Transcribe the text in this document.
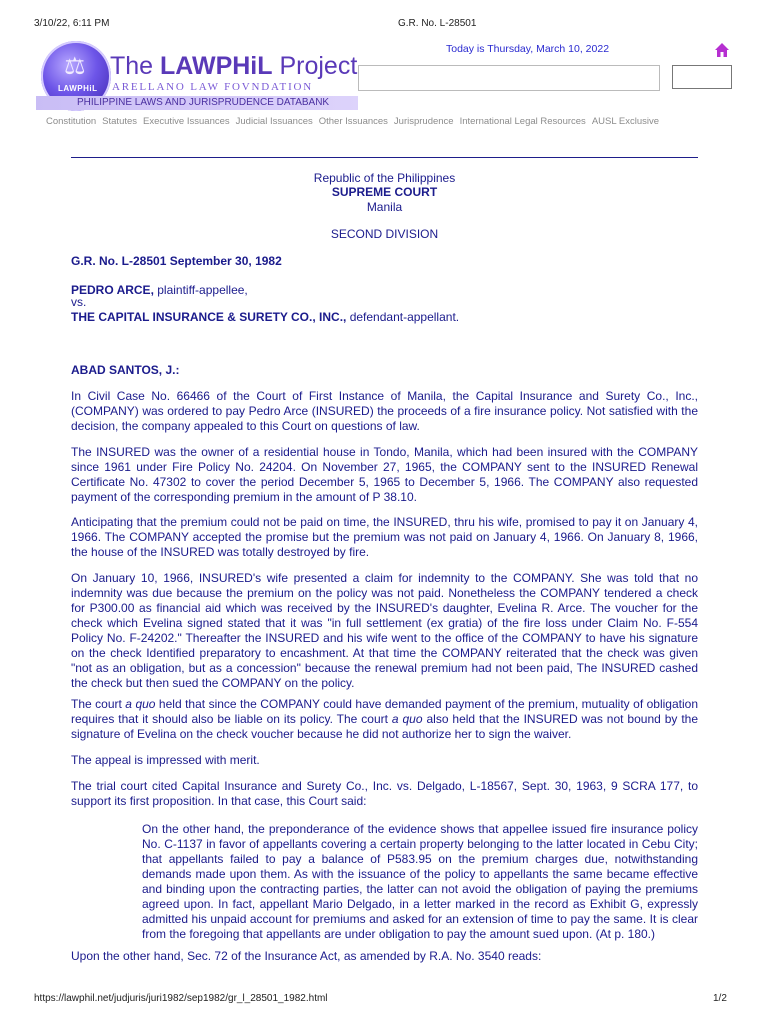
3/10/22, 6:11 PM	G.R. No. L-28501
⚖
LAWPHiL
The LAWPHiL Project
ARELLANO LAW FOVNDATION
PHILIPPINE LAWS AND JURISPRUDENCE DATABANK
Today is Thursday, March 10, 2022
Constitution Statutes Executive Issuances Judicial Issuances Other Issuances Jurisprudence International Legal Resources AUSL Exclusive
Republic of the Philippines
SUPREME COURT
Manila
SECOND DIVISION
G.R. No. L-28501 September 30, 1982
PEDRO ARCE, plaintiff-appellee,
vs.
THE CAPITAL INSURANCE & SURETY CO., INC., defendant-appellant.
ABAD SANTOS, J.:

In Civil Case No. 66466 of the Court of First Instance of Manila, the Capital Insurance and Surety Co., Inc., (COMPANY) was ordered to pay Pedro Arce (INSURED) the proceeds of a fire insurance policy. Not satisfied with the decision, the company appealed to this Court on questions of law.

The INSURED was the owner of a residential house in Tondo, Manila, which had been insured with the COMPANY since 1961 under Fire Policy No. 24204. On November 27, 1965, the COMPANY sent to the INSURED Renewal Certificate No. 47302 to cover the period December 5, 1965 to December 5, 1966. The COMPANY also requested payment of the corresponding premium in the amount of P 38.10.

Anticipating that the premium could not be paid on time, the INSURED, thru his wife, promised to pay it on January 4, 1966. The COMPANY accepted the promise but the premium was not paid on January 4, 1966. On January 8, 1966, the house of the INSURED was totally destroyed by fire.

On January 10, 1966, INSURED's wife presented a claim for indemnity to the COMPANY. She was told that no indemnity was due because the premium on the policy was not paid. Nonetheless the COMPANY tendered a check for P300.00 as financial aid which was received by the INSURED's daughter, Evelina R. Arce. The voucher for the check which Evelina signed stated that it was "in full settlement (ex gratia) of the fire loss under Claim No. F-554 Policy No. F-24202." Thereafter the INSURED and his wife went to the office of the COMPANY to have his signature on the check Identified preparatory to encashment. At that time the COMPANY reiterated that the check was given "not as an obligation, but as a concession" because the renewal premium had not been paid, The INSURED cashed the check but then sued the COMPANY on the policy.

The court a quo held that since the COMPANY could have demanded payment of the premium, mutuality of obligation requires that it should also be liable on its policy. The court a quo also held that the INSURED was not bound by the signature of Evelina on the check voucher because he did not authorize her to sign the waiver.

The appeal is impressed with merit.

The trial court cited Capital Insurance and Surety Co., Inc. vs. Delgado, L-18567, Sept. 30, 1963, 9 SCRA 177, to support its first proposition. In that case, this Court said:

On the other hand, the preponderance of the evidence shows that appellee issued fire insurance policy No. C-1137 in favor of appellants covering a certain property belonging to the latter located in Cebu City; that appellants failed to pay a balance of P583.95 on the premium charges due, notwithstanding demands made upon them. As with the issuance of the policy to appellants the same became effective and binding upon the contracting parties, the latter can not avoid the obligation of paying the premiums agreed upon. In fact, appellant Mario Delgado, in a letter marked in the record as Exhibit G, expressly admitted his unpaid account for premiums and asked for an extension of time to pay the same. It is clear from the foregoing that appellants are under obligation to pay the amount sued upon. (At p. 180.)

Upon the other hand, Sec. 72 of the Insurance Act, as amended by R.A. No. 3540 reads:

https://lawphil.net/judjuris/juri1982/sep1982/gr_l_28501_1982.html	1/2
